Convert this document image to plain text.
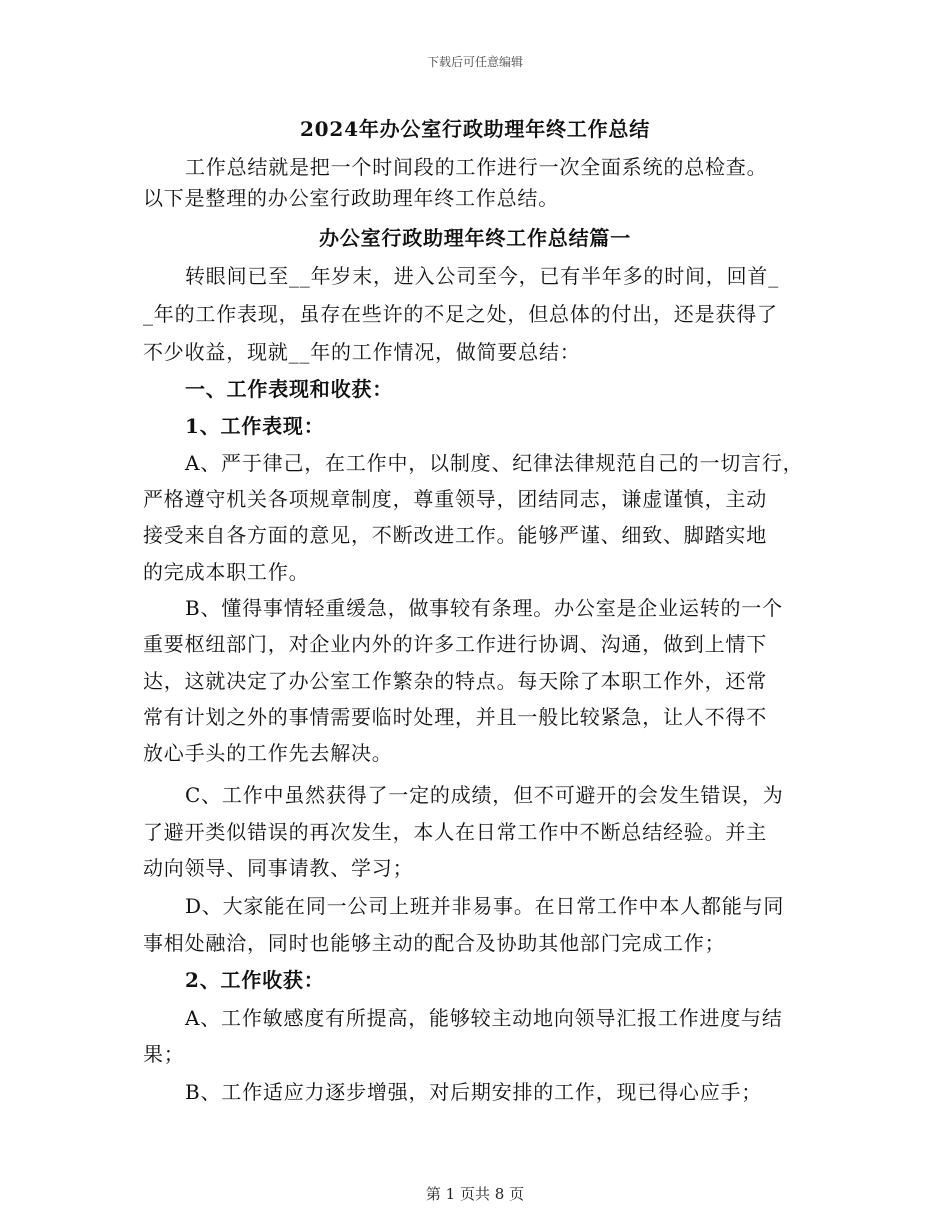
下载后可任意编辑
2024年办公室行政助理年终工作总结
工作总结就是把一个时间段的工作进行一次全面系统的总检查。
以下是整理的办公室行政助理年终工作总结。
办公室行政助理年终工作总结篇一
转眼间已至__年岁末，进入公司至今，已有半年多的时间，回首_
_年的工作表现，虽存在些许的不足之处，但总体的付出，还是获得了
不少收益，现就__年的工作情况，做简要总结：
一、工作表现和收获：
1、工作表现：
A、严于律己，在工作中，以制度、纪律法律规范自己的一切言行，
严格遵守机关各项规章制度，尊重领导，团结同志，谦虚谨慎，主动
接受来自各方面的意见，不断改进工作。能够严谨、细致、脚踏实地
的完成本职工作。
B、懂得事情轻重缓急，做事较有条理。办公室是企业运转的一个
重要枢纽部门，对企业内外的许多工作进行协调、沟通，做到上情下
达，这就决定了办公室工作繁杂的特点。每天除了本职工作外，还常
常有计划之外的事情需要临时处理，并且一般比较紧急，让人不得不
放心手头的工作先去解决。
C、工作中虽然获得了一定的成绩，但不可避开的会发生错误，为
了避开类似错误的再次发生，本人在日常工作中不断总结经验。并主
动向领导、同事请教、学习；
D、大家能在同一公司上班并非易事。在日常工作中本人都能与同
事相处融洽，同时也能够主动的配合及协助其他部门完成工作；
2、工作收获：
A、工作敏感度有所提高，能够较主动地向领导汇报工作进度与结
果；
B、工作适应力逐步增强，对后期安排的工作，现已得心应手；
第 1 页共 8 页
